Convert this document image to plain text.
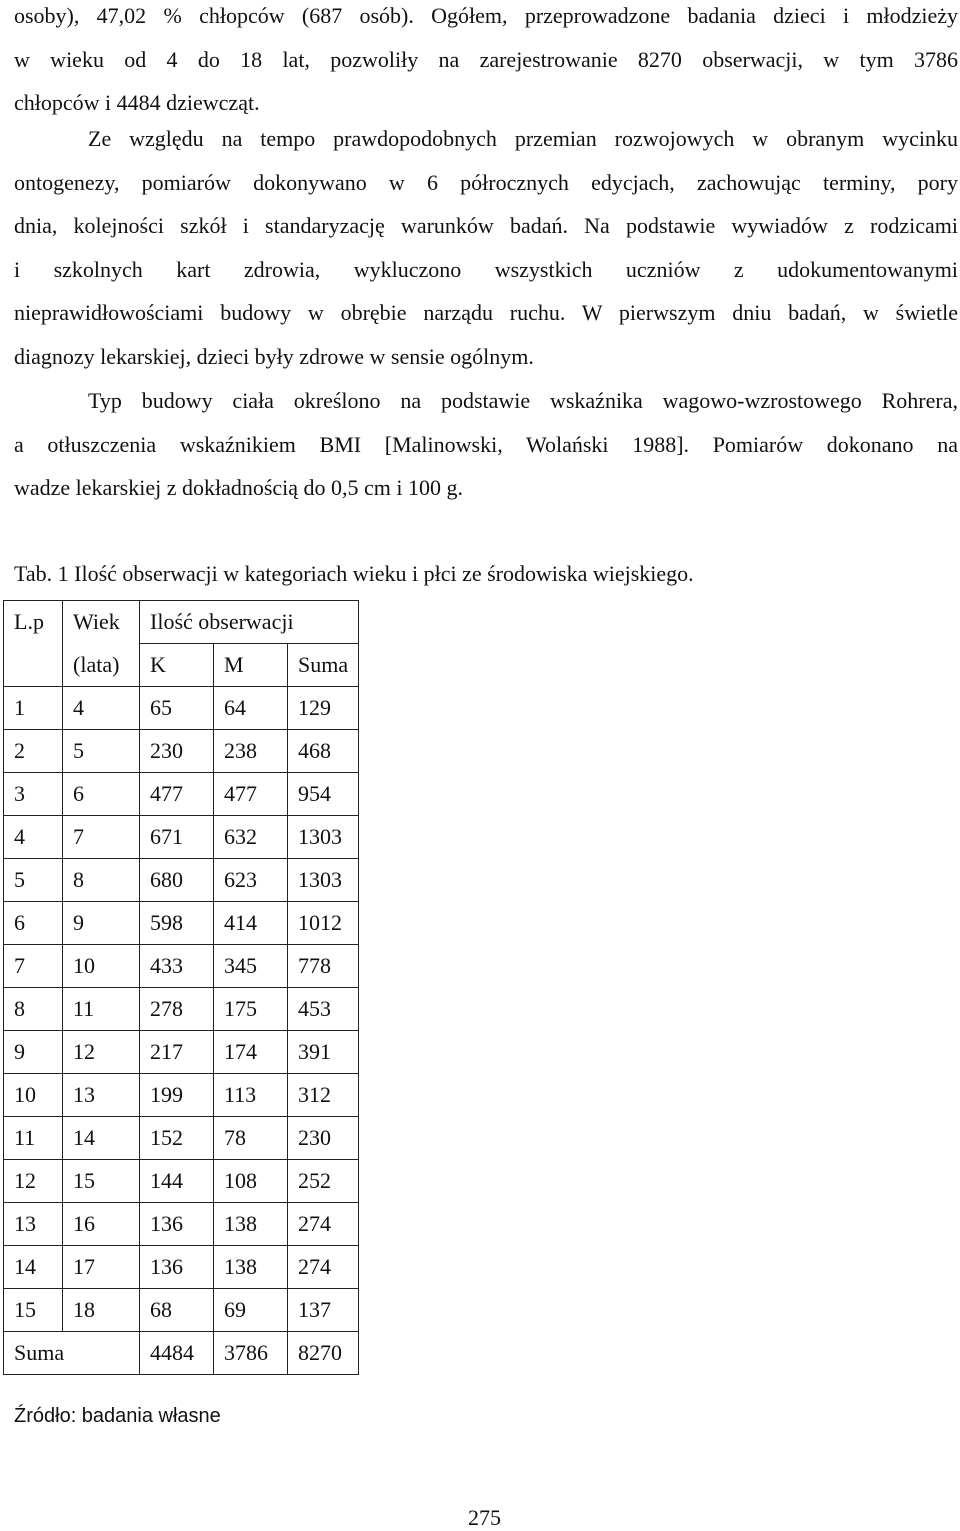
osoby), 47,02 % chłopców (687 osób). Ogółem, przeprowadzone badania dzieci i młodzieży
w wieku od 4 do 18 lat, pozwoliły na zarejestrowanie 8270 obserwacji, w tym 3786
chłopców i 4484 dziewcząt.

Ze względu na tempo prawdopodobnych przemian rozwojowych w obranym wycinku
ontogenezy, pomiarów dokonywano w 6 półrocznych edycjach, zachowując terminy, pory
dnia, kolejności szkół i standaryzację warunków badań. Na podstawie wywiadów z rodzicami
i szkolnych kart zdrowia, wykluczono wszystkich uczniów z udokumentowanymi
nieprawidłowościami budowy w obrębie narządu ruchu. W pierwszym dniu badań, w świetle
diagnozy lekarskiej, dzieci były zdrowe w sensie ogólnym.

Typ budowy ciała określono na podstawie wskaźnika wagowo-wzrostowego Rohrera,
a otłuszczenia wskaźnikiem BMI [Malinowski, Wolański 1988]. Pomiarów dokonano na
wadze lekarskiej z dokładnością do 0,5 cm i 100 g.

Tab. 1 Ilość obserwacji w kategoriach wieku i płci ze środowiska wiejskiego.
L.p	Wiek	Ilość obserwacji		
	(lata)	K	M	Suma
1	4	65	64	129
2	5	230	238	468
3	6	477	477	954
4	7	671	632	1303
5	8	680	623	1303
6	9	598	414	1012
7	10	433	345	778
8	11	278	175	453
9	12	217	174	391
10	13	199	113	312
11	14	152	78	230
12	15	144	108	252
13	16	136	138	274
14	17	136	138	274
15	18	68	69	137
Suma		4484	3786	8270
Źródło: badania własne
275
